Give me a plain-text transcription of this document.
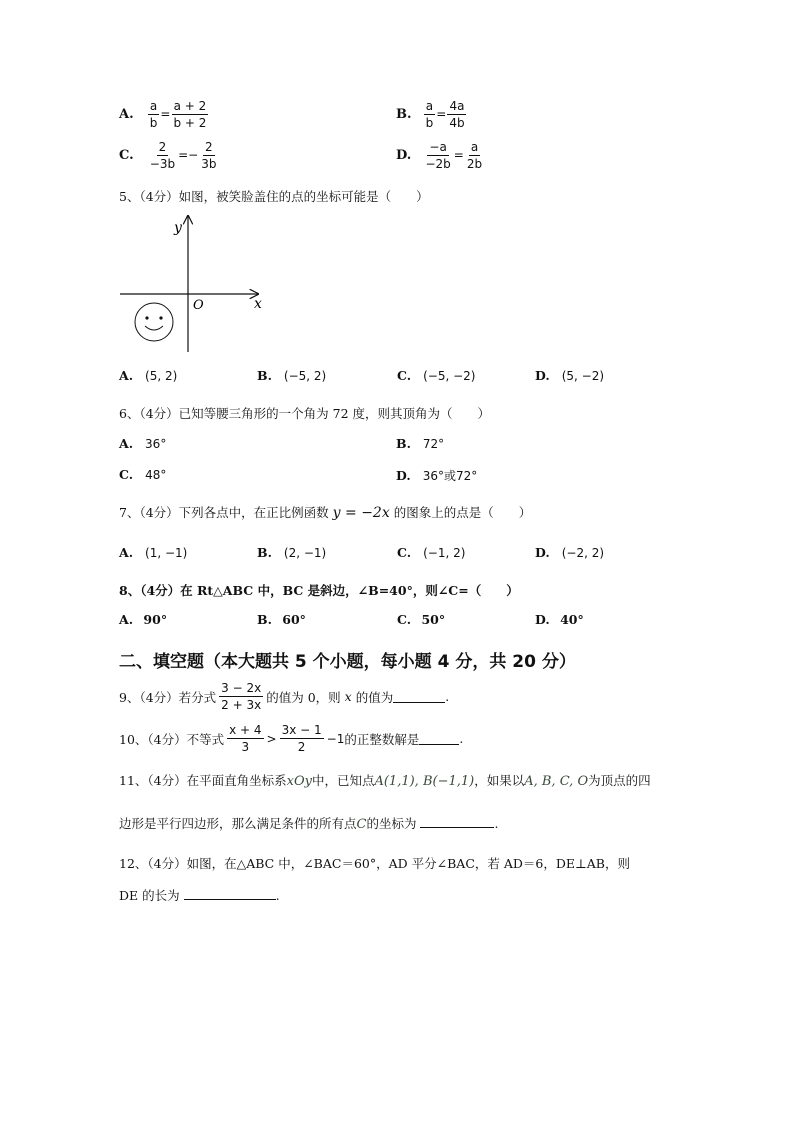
A. $\frac{a}{b} = \frac{a + 2}{b + 2}$	B. $\frac{a}{b} = \frac{4a}{4b}$
C. $\frac{2}{-3b} =- \frac{2}{3b}$	D. $\frac{-a}{-2b} = \frac{a}{2b}$
5、（4分）如图，被笑脸盖住的点的坐标可能是（　　）
y
x
O
A. (5, 2)	B. (−5, 2)	C. (−5, −2)	D. (5, −2)
6、（4分）已知等腰三角形的一个角为 72 度，则其顶角为（　　）
A. 36°	B. 72°
C. 48°	D. 36°或72°
7、（4分）下列各点中，在正比例函数 y = −2x 的图象上的点是（　　）
A. (1, −1)	B. (2, −1)	C. (−1, 2)	D. (−2, 2)
8、（4分）在 Rt△ABC 中，BC 是斜边，∠B=40°，则∠C=（　　）
A. 90°	B. 60°	C. 50°	D. 40°
二、填空题（本大题共 5 个小题，每小题 4 分，共 20 分）
9、（4分）若分式 $\frac{3 - 2x}{2 + 3x}$ 的值为 0，则
x
的值为	.
10、（4分）不等式 $\frac{x + 4}{3} > \frac{3x - 1}{2} -1$ 的正整数解是	.
11、（4分）在平面直角坐标系xOy中，已知点A(1,1), B(−1,1)，如果以A, B, C, O为顶点的四
边形是平行四边形，那么满足条件的所有点C的坐标为	.
12、（4分）如图，在△ABC 中，∠BAC＝60°，AD 平分∠BAC，若 AD＝6，DE⊥AB，则
DE 的长为	.
